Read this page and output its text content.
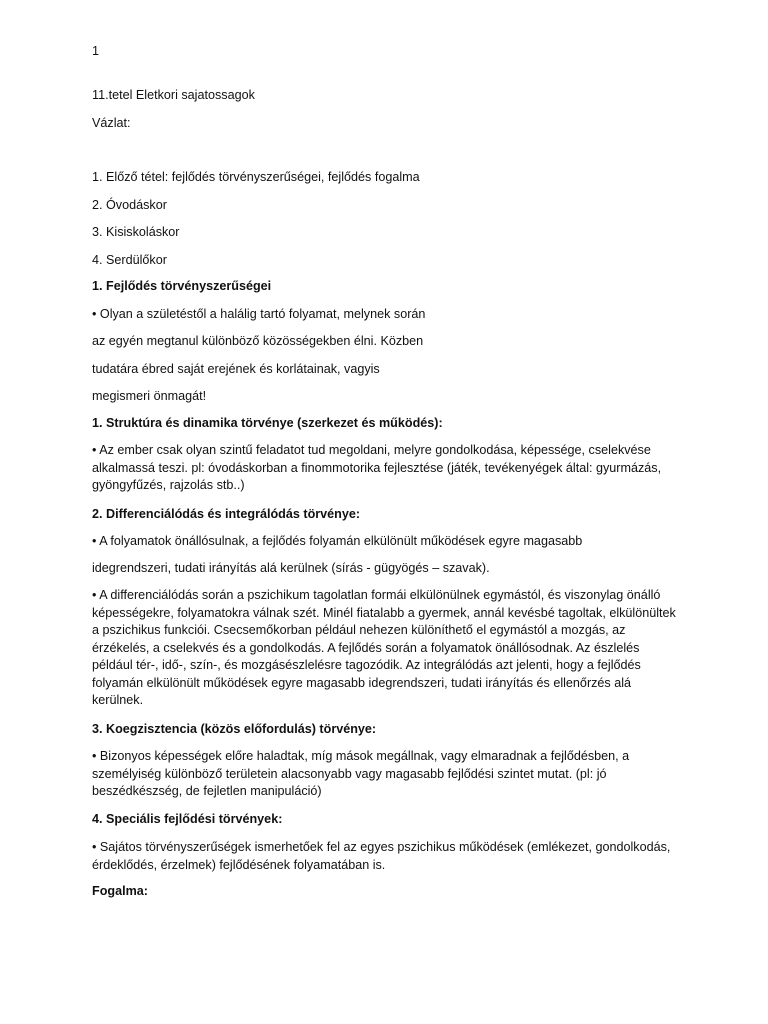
1
11.tetel Eletkori sajatossagok
Vázlat:
1. Előző tétel: fejlődés törvényszerűségei, fejlődés fogalma
2. Óvodáskor
3. Kisiskoláskor
4. Serdülőkor
1. Fejlődés törvényszerűségei
• Olyan a születéstől a halálig tartó folyamat, melynek során
az egyén megtanul különböző közösségekben élni. Közben
tudatára ébred saját erejének és korlátainak, vagyis
megismeri önmagát!
1. Struktúra és dinamika törvénye (szerkezet és működés):
• Az ember csak olyan szintű feladatot tud megoldani, melyre gondolkodása, képessége, cselekvése alkalmassá teszi. pl: óvodáskorban a finommotorika fejlesztése (játék, tevékenyégek által: gyurmázás, gyöngyfűzés, rajzolás stb..)
2. Differenciálódás és integrálódás törvénye:
• A folyamatok önállósulnak, a fejlődés folyamán elkülönült működések egyre magasabb
idegrendszeri, tudati irányítás alá kerülnek (sírás - gügyögés – szavak).
• A differenciálódás során a pszichikum tagolatlan formái elkülönülnek egymástól, és viszonylag önálló képességekre, folyamatokra válnak szét. Minél fiatalabb a gyermek, annál kevésbé tagoltak, elkülönültek a pszichikus funkciói. Csecsemőkorban például nehezen különíthető el egymástól a mozgás, az érzékelés, a cselekvés és a gondolkodás. A fejlődés során a folyamatok önállósodnak. Az észlelés például tér-, idő-, szín-, és mozgásészlelésre tagozódik. Az integrálódás azt jelenti, hogy a fejlődés folyamán elkülönült működések egyre magasabb idegrendszeri, tudati irányítás és ellenőrzés alá kerülnek.
3. Koegzisztencia (közös előfordulás) törvénye:
• Bizonyos képességek előre haladtak, míg mások megállnak, vagy elmaradnak a fejlődésben, a személyiség különböző területein alacsonyabb vagy magasabb fejlődési szintet mutat. (pl: jó beszédkészség, de fejletlen manipuláció)
4. Speciális fejlődési törvények:
• Sajátos törvényszerűségek ismerhetőek fel az egyes pszichikus működések (emlékezet, gondolkodás, érdeklődés, érzelmek) fejlődésének folyamatában is.
Fogalma:
